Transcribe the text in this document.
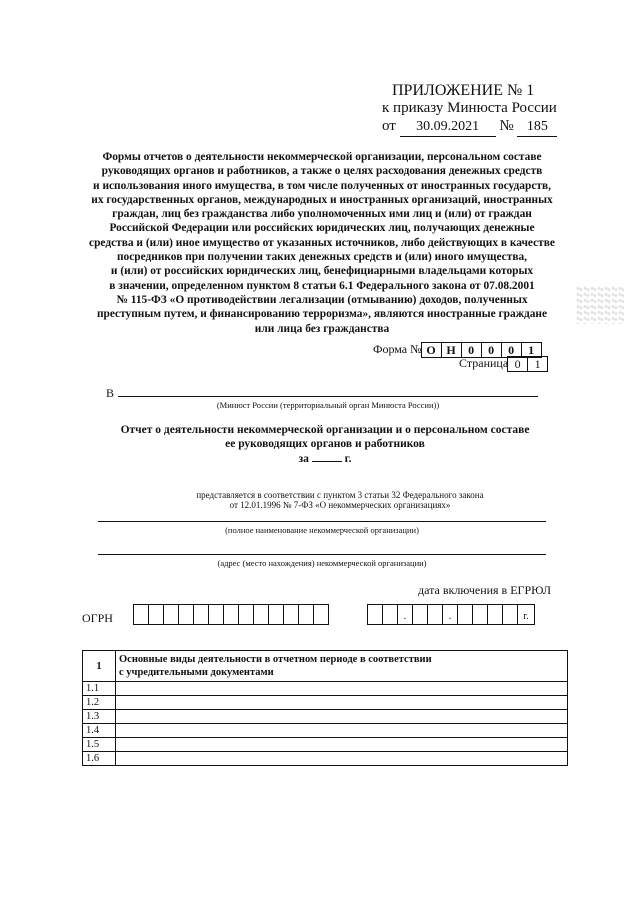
ПРИЛОЖЕНИЕ № 1
к приказу Минюста России
от 30.09.2021 № 185
Формы отчетов о деятельности некоммерческой организации, персональном составе
руководящих органов и работников, а также о целях расходования денежных средств
и использования иного имущества, в том числе полученных от иностранных государств,
их государственных органов, международных и иностранных организаций, иностранных
граждан, лиц без гражданства либо уполномоченных ими лиц и (или) от граждан
Российской Федерации или российских юридических лиц, получающих денежные
средства и (или) иное имущество от указанных источников, либо действующих в качестве
посредников при получении таких денежных средств и (или) иного имущества,
и (или) от российских юридических лиц, бенефициарными владельцами которых
в значении, определенном пунктом 8 статьи 6.1 Федерального закона от 07.08.2001
№ 115-ФЗ «О противодействии легализации (отмыванию) доходов, полученных
преступным путем, и финансированию терроризма», являются иностранные граждане
или лица без гражданства
Форма № О Н	0	0	0	1
Страница 0	1
В
(Минюст России (территориальный орган Минюста России))
Отчет о деятельности некоммерческой организации и о персональном составе
ее руководящих органов и работников
за	г.
представляется в соответствии с пунктом 3 статьи 32 Федерального закона
от 12.01.1996 № 7-ФЗ «О некоммерческих организациях»
(полное наименование некоммерческой организации)
(адрес (место нахождения) некоммерческой организации)
дата включения в ЕГРЮЛ
ОГРН	.	.	г.
1	Основные виды деятельности в отчетном периоде в соответствии
с учредительными документами

1.1	
1.2	
1.3	
1.4	
1.5	
1.6	
